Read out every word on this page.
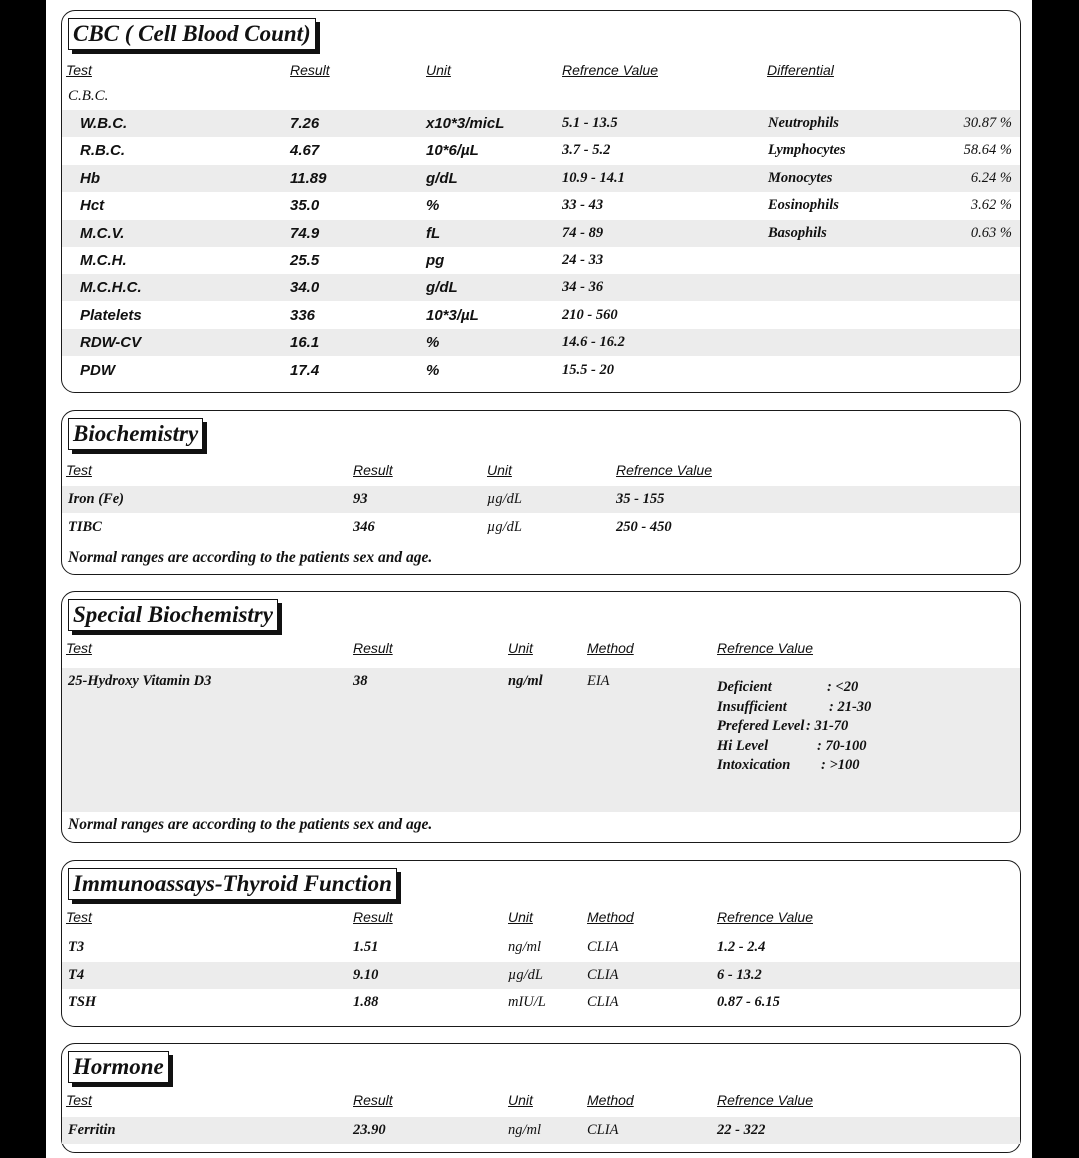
CBC ( Cell Blood Count)
Test	Result	Unit	Refrence Value	Differential
C.B.C.
W.B.C.	7.26	x10*3/micL	5.1 - 13.5	Neutrophils	30.87 %
R.B.C.	4.67	10*6/µL	3.7 - 5.2	Lymphocytes	58.64 %
Hb	11.89	g/dL	10.9 - 14.1	Monocytes	6.24 %
Hct	35.0	%	33 - 43	Eosinophils	3.62 %
M.C.V.	74.9	fL	74 - 89	Basophils	0.63 %
M.C.H.	25.5	pg	24 - 33
M.C.H.C.	34.0	g/dL	34 - 36
Platelets	336	10*3/µL	210 - 560
RDW-CV	16.1	%	14.6 - 16.2
PDW	17.4	%	15.5 - 20
Biochemistry
Test	Result	Unit	Refrence Value
Iron (Fe)	93	µg/dL	35 - 155
TIBC	346	µg/dL	250 - 450
Normal ranges are according to the patients sex and age.
Special Biochemistry
Test	Result	Unit	Method	Refrence Value
25-Hydroxy Vitamin D3	38	ng/ml	EIA	Deficient	: <20
Insufficient	: 21-30
Prefered Level : 31-70
Hi Level	: 70-100
Intoxication : >100
Normal ranges are according to the patients sex and age.
Immunoassays-Thyroid Function
Test	Result	Unit	Method	Refrence Value
T3	1.51	ng/ml	CLIA	1.2 - 2.4
T4	9.10	µg/dL	CLIA	6 - 13.2
TSH	1.88	mIU/L	CLIA	0.87 - 6.15
Hormone
Test	Result	Unit	Method	Refrence Value
Ferritin	23.90	ng/ml	CLIA	22 - 322
